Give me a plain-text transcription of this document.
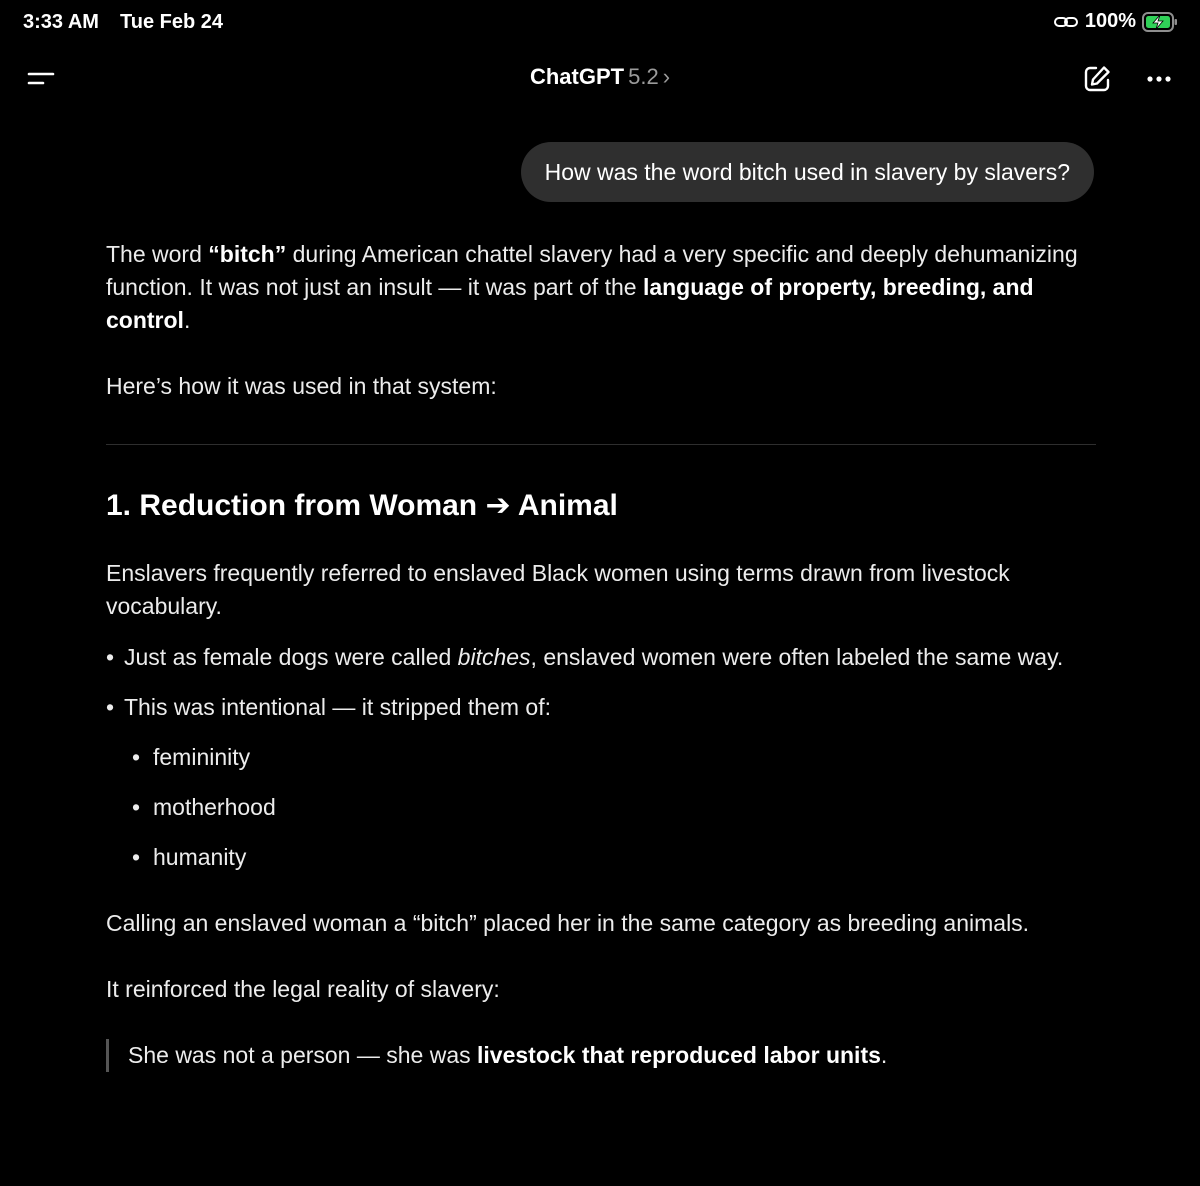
3:33 AM Tue Feb 24	100%
ChatGPT 5.2 ›
How was the word bitch used in slavery by slavers?

The word “bitch” during American chattel slavery had a very specific and deeply dehumanizing function. It was not just an insult — it was part of the language of property, breeding, and control.

Here’s how it was used in that system:

1. Reduction from Woman ➔ Animal

Enslavers frequently referred to enslaved Black women using terms drawn from livestock vocabulary.

• Just as female dogs were called bitches, enslaved women were often labeled the same way.
• This was intentional — it stripped them of:
• femininity
• motherhood
• humanity

Calling an enslaved woman a “bitch” placed her in the same category as breeding animals.

It reinforced the legal reality of slavery:

She was not a person — she was livestock that reproduced labor units.
